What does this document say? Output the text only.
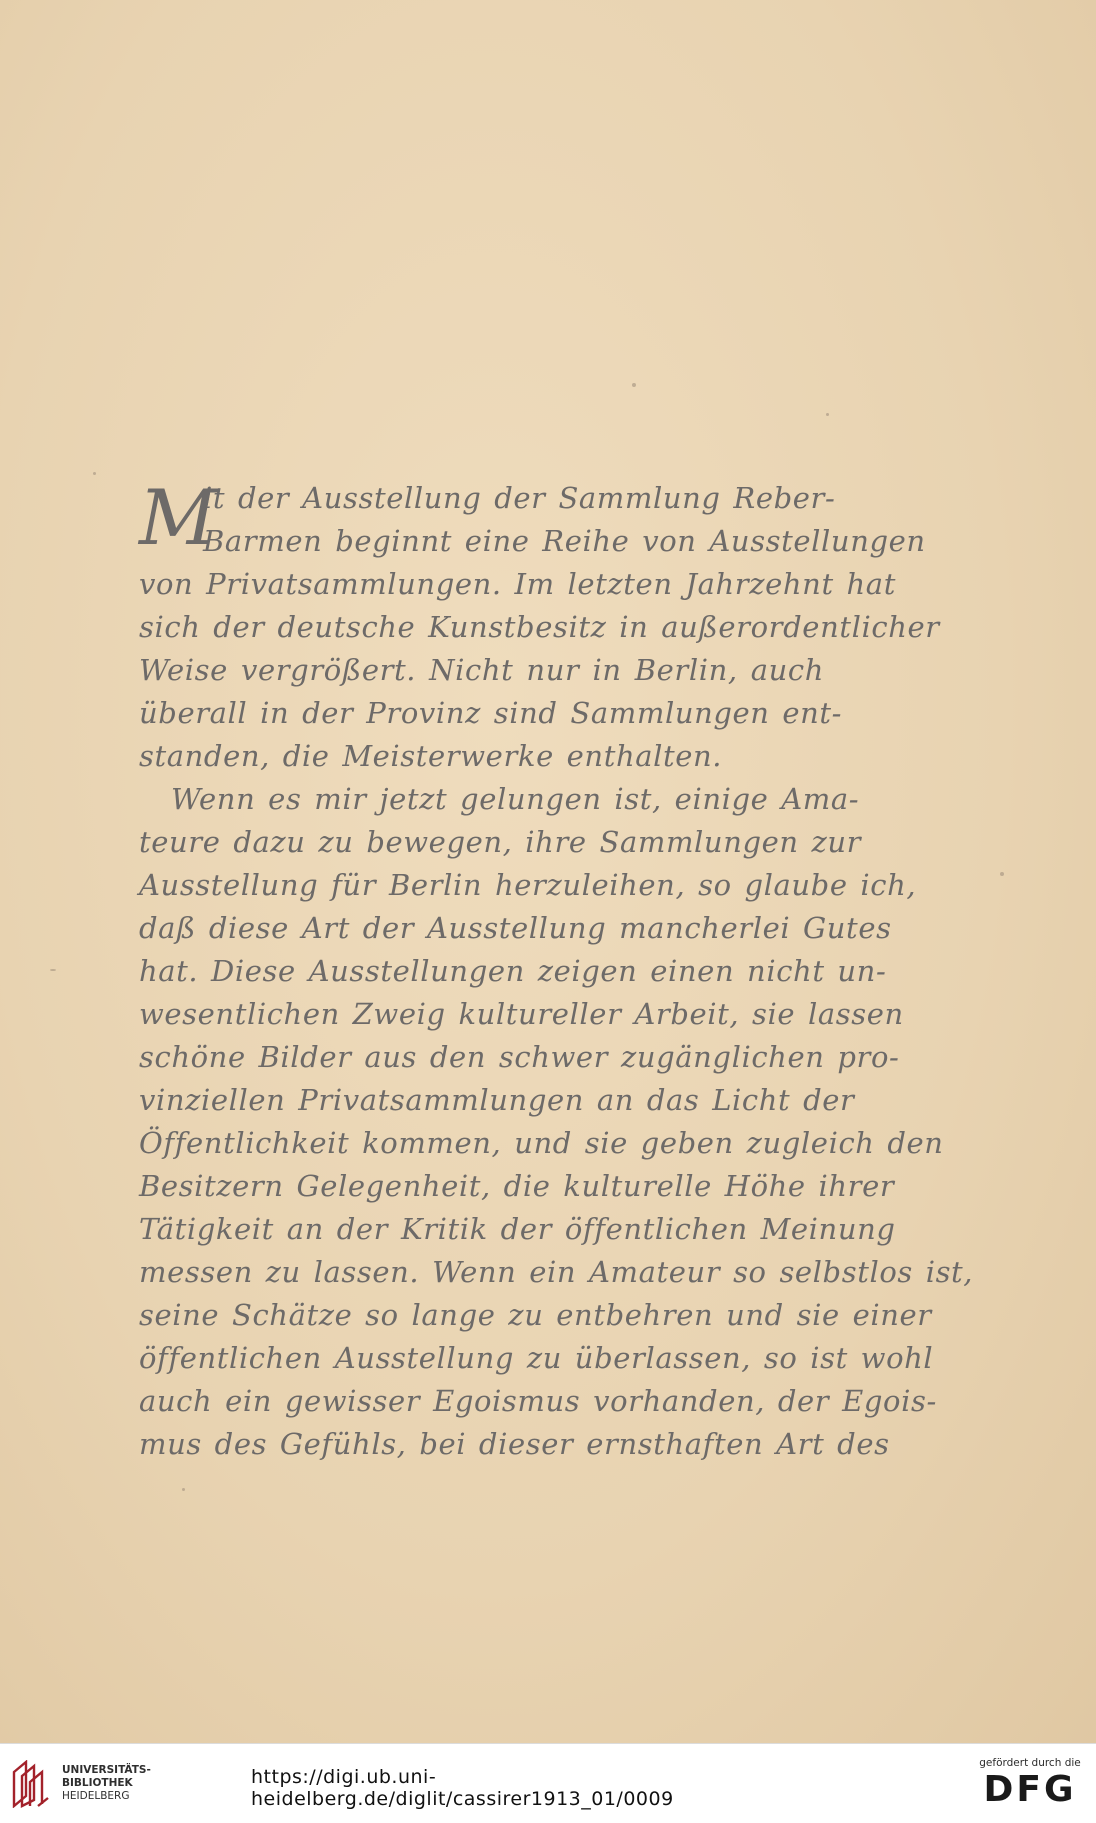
M
it der Ausstellung der Sammlung Reber-
Barmen beginnt eine Reihe von Ausstellungen
von Privatsammlungen. Im letzten Jahrzehnt hat
sich der deutsche Kunstbesitz in außerordentlicher
Weise vergrößert. Nicht nur in Berlin, auch
überall in der Provinz sind Sammlungen ent-
standen, die Meisterwerke enthalten.
Wenn es mir jetzt gelungen ist, einige Ama-
teure dazu zu bewegen, ihre Sammlungen zur
Ausstellung für Berlin herzuleihen, so glaube ich,
daß diese Art der Ausstellung mancherlei Gutes
hat. Diese Ausstellungen zeigen einen nicht un-
wesentlichen Zweig kultureller Arbeit, sie lassen
schöne Bilder aus den schwer zugänglichen pro-
vinziellen Privatsammlungen an das Licht der
Öffentlichkeit kommen, und sie geben zugleich den
Besitzern Gelegenheit, die kulturelle Höhe ihrer
Tätigkeit an der Kritik der öffentlichen Meinung
messen zu lassen. Wenn ein Amateur so selbstlos ist,
seine Schätze so lange zu entbehren und sie einer
öffentlichen Ausstellung zu überlassen, so ist wohl
auch ein gewisser Egoismus vorhanden, der Egois-
mus des Gefühls, bei dieser ernsthaften Art des
UNIVERSITÄTS-
BIBLIOTHEK
HEIDELBERG
https://digi.ub.uni-heidelberg.de/diglit/cassirer1913_01/0009
gefördert durch die
DFG
